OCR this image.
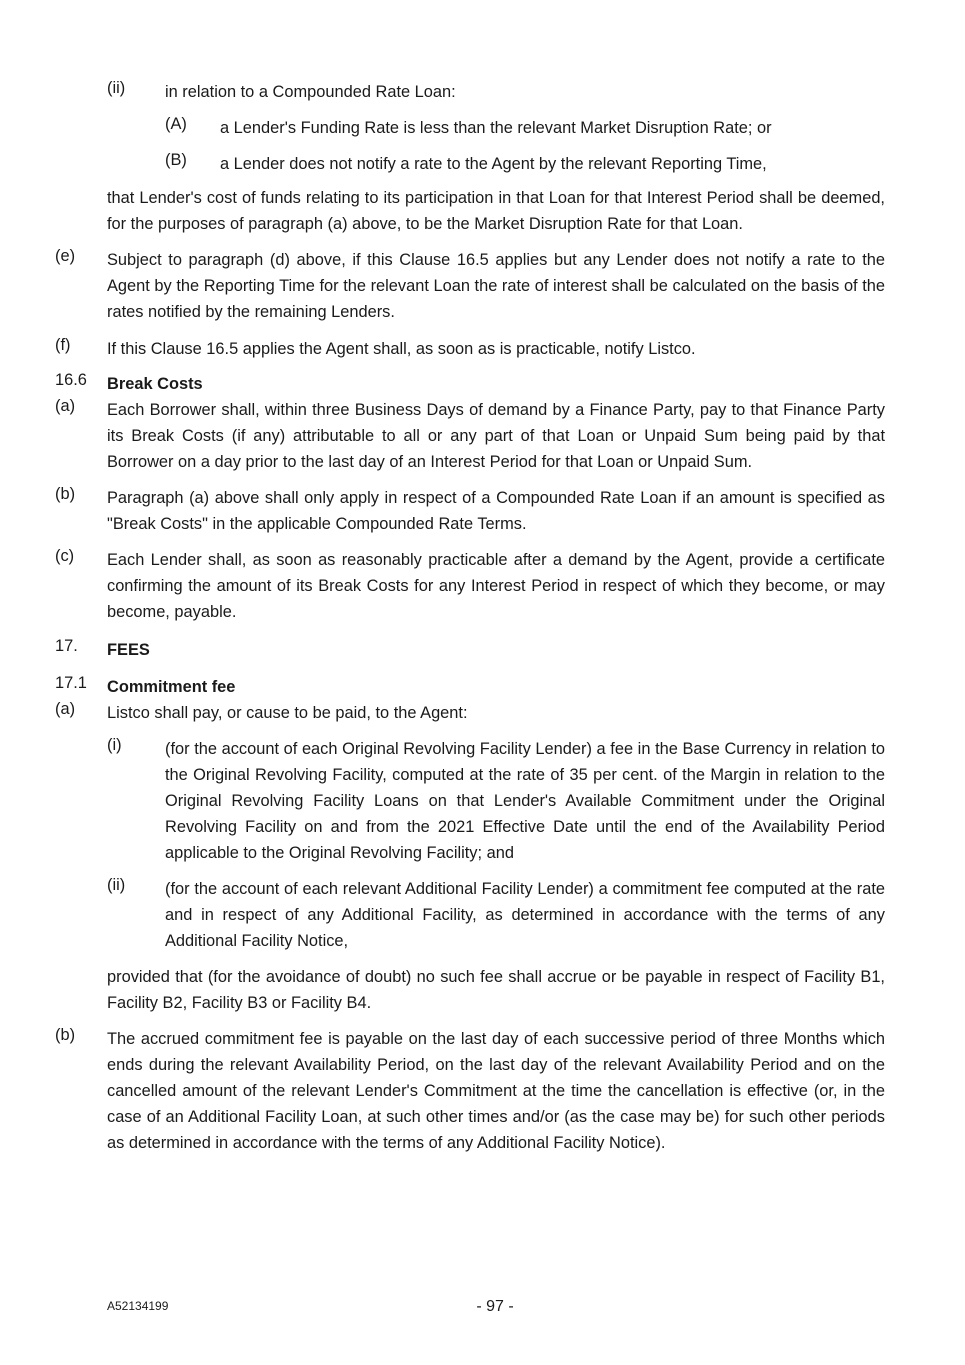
(ii) in relation to a Compounded Rate Loan:
(A) a Lender's Funding Rate is less than the relevant Market Disruption Rate; or
(B) a Lender does not notify a rate to the Agent by the relevant Reporting Time,
that Lender's cost of funds relating to its participation in that Loan for that Interest Period shall be deemed, for the purposes of paragraph (a) above, to be the Market Disruption Rate for that Loan.
(e) Subject to paragraph (d) above, if this Clause 16.5 applies but any Lender does not notify a rate to the Agent by the Reporting Time for the relevant Loan the rate of interest shall be calculated on the basis of the rates notified by the remaining Lenders.
(f) If this Clause 16.5 applies the Agent shall, as soon as is practicable, notify Listco.
16.6 Break Costs
(a) Each Borrower shall, within three Business Days of demand by a Finance Party, pay to that Finance Party its Break Costs (if any) attributable to all or any part of that Loan or Unpaid Sum being paid by that Borrower on a day prior to the last day of an Interest Period for that Loan or Unpaid Sum.
(b) Paragraph (a) above shall only apply in respect of a Compounded Rate Loan if an amount is specified as "Break Costs" in the applicable Compounded Rate Terms.
(c) Each Lender shall, as soon as reasonably practicable after a demand by the Agent, provide a certificate confirming the amount of its Break Costs for any Interest Period in respect of which they become, or may become, payable.
17. FEES
17.1 Commitment fee
(a) Listco shall pay, or cause to be paid, to the Agent:
(i)	(for the account of each Original Revolving Facility Lender) a fee in the Base Currency in relation to the Original Revolving Facility, computed at the rate of 35 per cent. of the Margin in relation to the Original Revolving Facility Loans on that Lender's Available Commitment under the Original Revolving Facility on and from the 2021 Effective Date until the end of the Availability Period applicable to the Original Revolving Facility; and
(ii) (for the account of each relevant Additional Facility Lender) a commitment fee computed at the rate and in respect of any Additional Facility, as determined in accordance with the terms of any Additional Facility Notice,
provided that (for the avoidance of doubt) no such fee shall accrue or be payable in respect of Facility B1, Facility B2, Facility B3 or Facility B4.
(b) The accrued commitment fee is payable on the last day of each successive period of three Months which ends during the relevant Availability Period, on the last day of the relevant Availability Period and on the cancelled amount of the relevant Lender's Commitment at the time the cancellation is effective (or, in the case of an Additional Facility Loan, at such other times and/or (as the case may be) for such other periods as determined in accordance with the terms of any Additional Facility Notice).
A52134199	- 97 -
